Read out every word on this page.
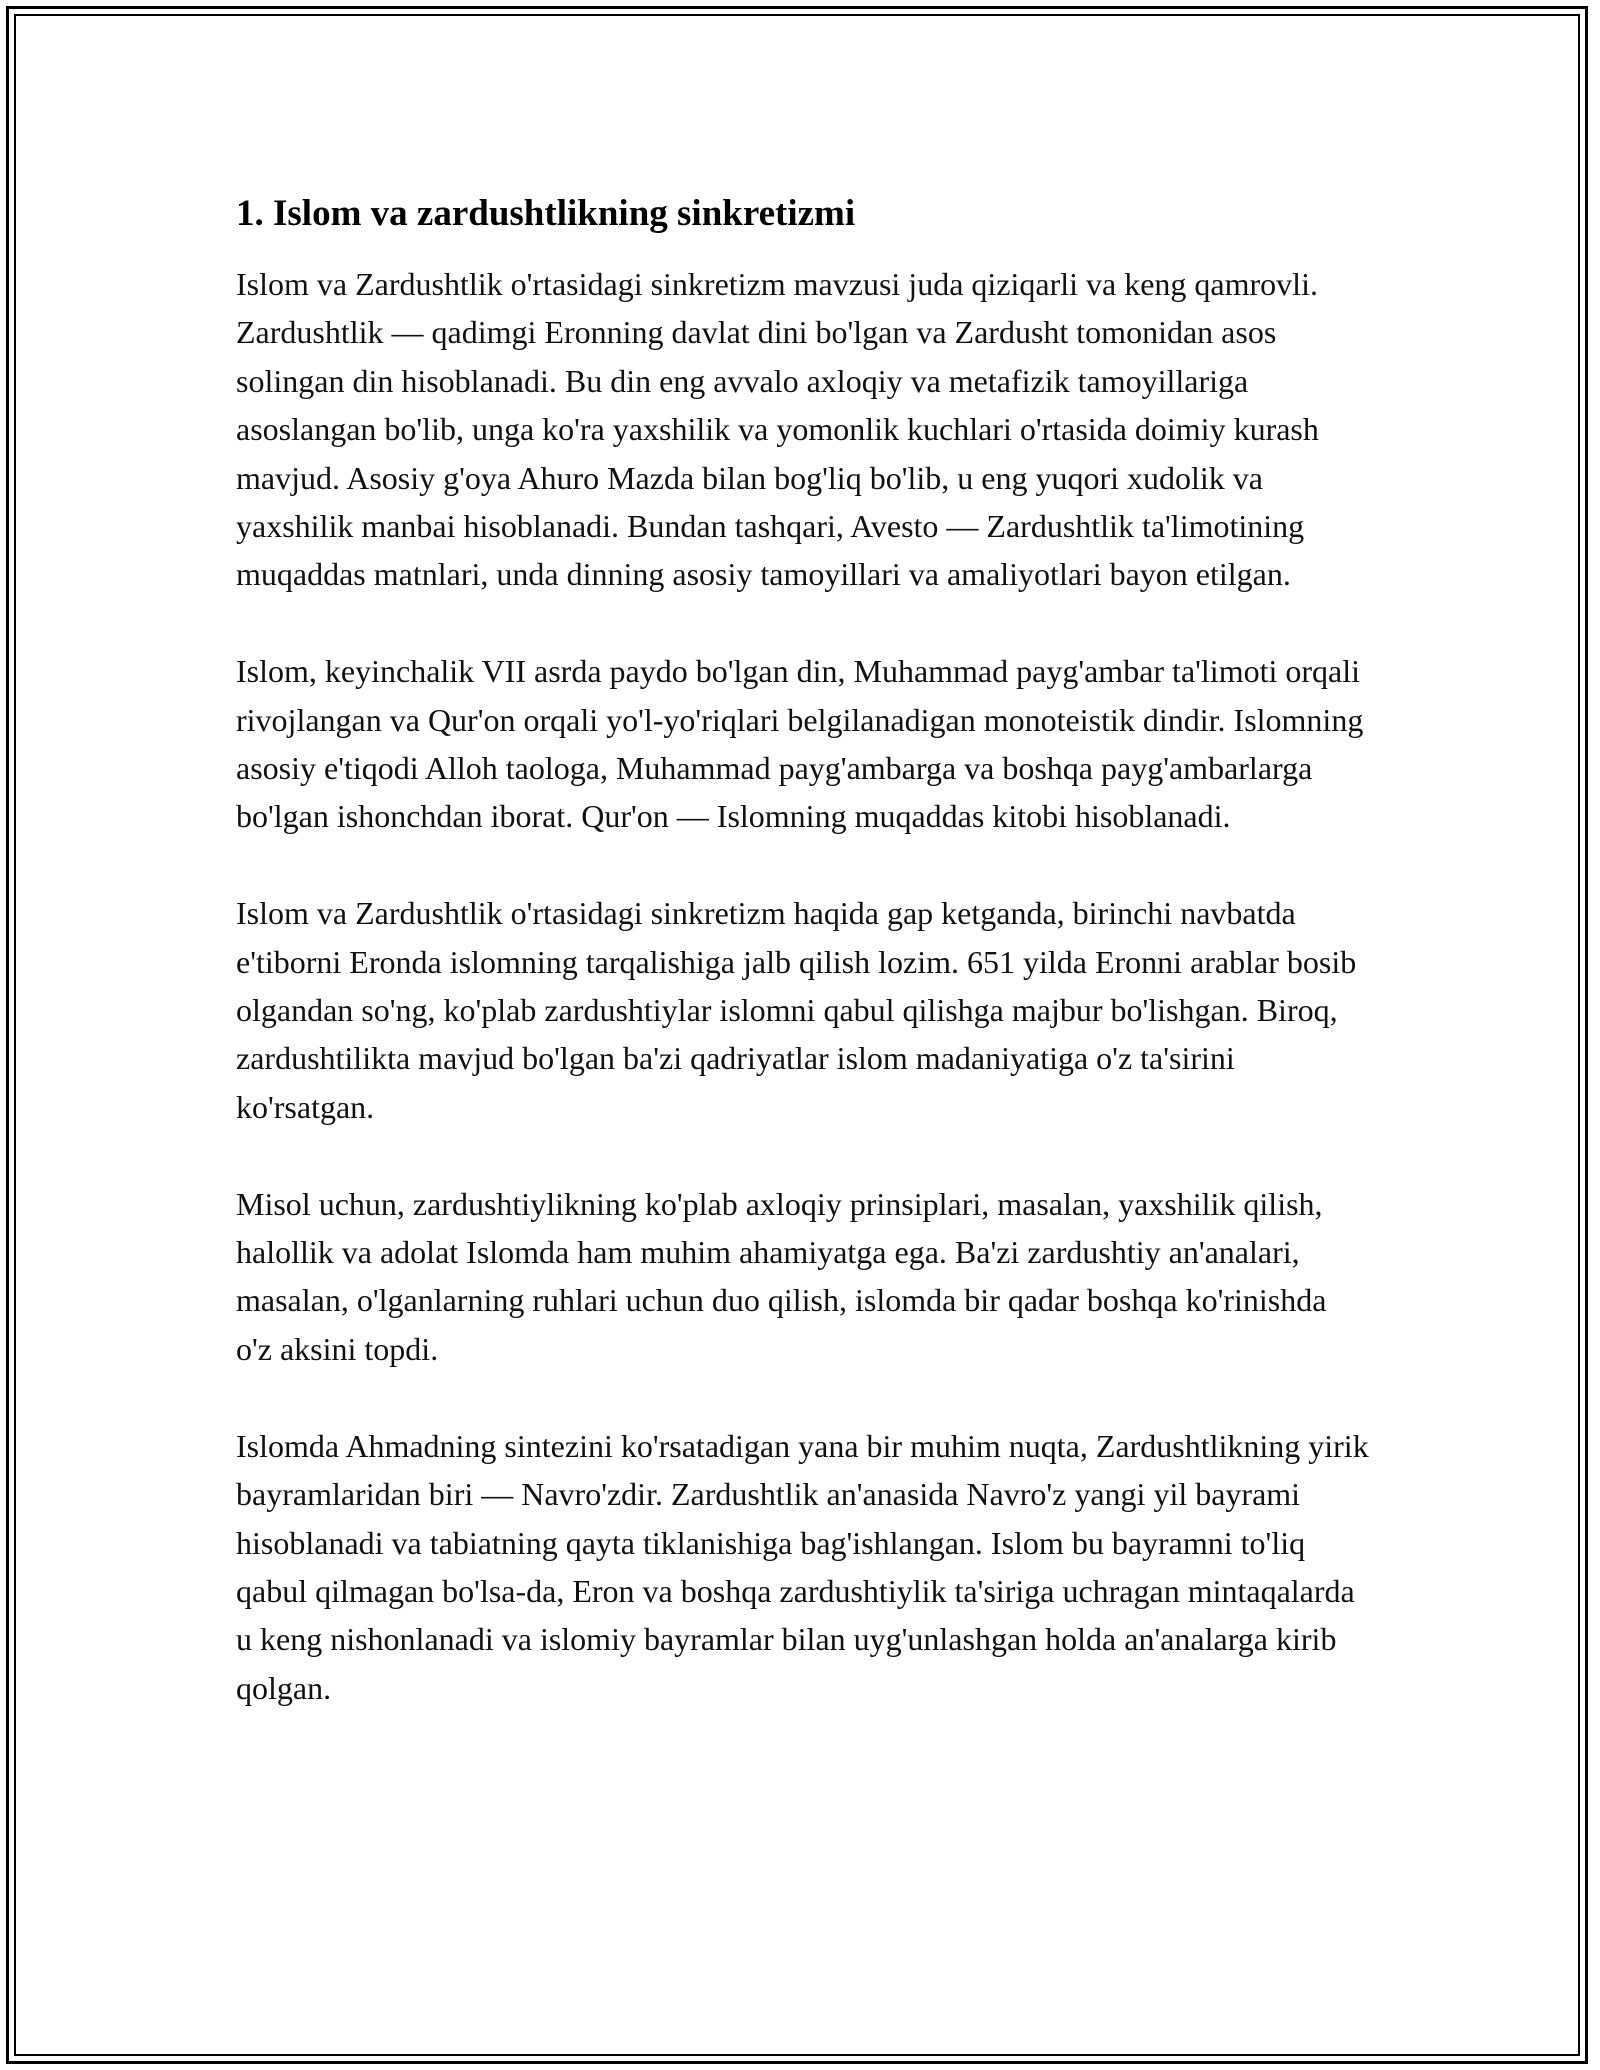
1. Islom va zardushtlikning sinkretizmi

Islom va Zardushtlik o'rtasidagi sinkretizm mavzusi juda qiziqarli va keng qamrovli. Zardushtlik — qadimgi Eronning davlat dini bo'lgan va Zardusht tomonidan asos solingan din hisoblanadi. Bu din eng avvalo axloqiy va metafizik tamoyillariga asoslangan bo'lib, unga ko'ra yaxshilik va yomonlik kuchlari o'rtasida doimiy kurash mavjud. Asosiy g'oya Ahuro Mazda bilan bog'liq bo'lib, u eng yuqori xudolik va yaxshilik manbai hisoblanadi. Bundan tashqari, Avesto — Zardushtlik ta'limotining muqaddas matnlari, unda dinning asosiy tamoyillari va amaliyotlari bayon etilgan.

Islom, keyinchalik VII asrda paydo bo'lgan din, Muhammad payg'ambar ta'limoti orqali rivojlangan va Qur'on orqali yo'l-yo'riqlari belgilanadigan monoteistik dindir. Islomning asosiy e'tiqodi Alloh taologa, Muhammad payg'ambarga va boshqa payg'ambarlarga bo'lgan ishonchdan iborat. Qur'on — Islomning muqaddas kitobi hisoblanadi.

Islom va Zardushtlik o'rtasidagi sinkretizm haqida gap ketganda, birinchi navbatda e'tiborni Eronda islomning tarqalishiga jalb qilish lozim. 651 yilda Eronni arablar bosib olgandan so'ng, ko'plab zardushtiylar islomni qabul qilishga majbur bo'lishgan. Biroq, zardushtilikta mavjud bo'lgan ba'zi qadriyatlar islom madaniyatiga o'z ta'sirini ko'rsatgan.

Misol uchun, zardushtiylikning ko'plab axloqiy prinsiplari, masalan, yaxshilik qilish, halollik va adolat Islomda ham muhim ahamiyatga ega. Ba'zi zardushtiy an'analari, masalan, o'lganlarning ruhlari uchun duo qilish, islomda bir qadar boshqa ko'rinishda o'z aksini topdi.

Islomda Ahmadning sintezini ko'rsatadigan yana bir muhim nuqta, Zardushtlikning yirik bayramlaridan biri — Navro'zdir. Zardushtlik an'anasida Navro'z yangi yil bayrami hisoblanadi va tabiatning qayta tiklanishiga bag'ishlangan. Islom bu bayramni to'liq qabul qilmagan bo'lsa-da, Eron va boshqa zardushtiylik ta'siriga uchragan mintaqalarda u keng nishonlanadi va islomiy bayramlar bilan uyg'unlashgan holda an'analarga kirib qolgan.
